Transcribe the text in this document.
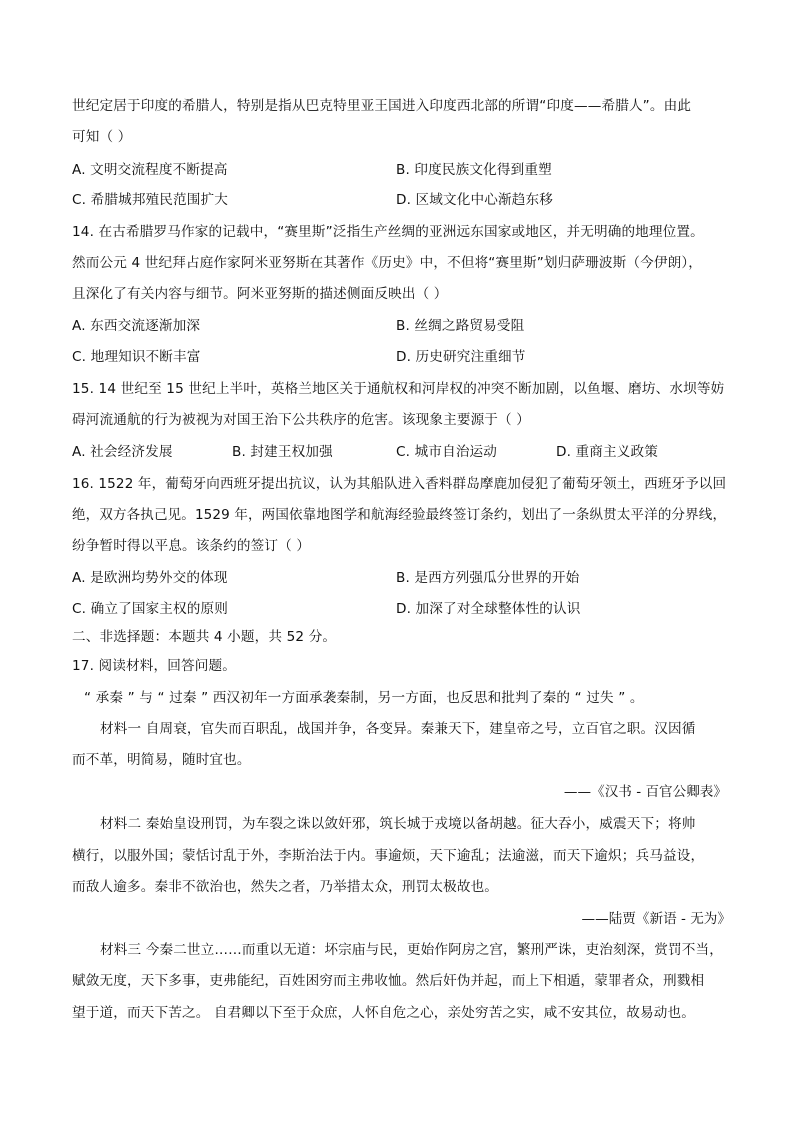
世纪定居于印度的希腊人，特别是指从巴克特里亚王国进入印度西北部的所谓“印度——希腊人”。由此
可知（ ）
A. 文明交流程度不断提高	B. 印度民族文化得到重塑
C. 希腊城邦殖民范围扩大	D. 区域文化中心渐趋东移
14. 在古希腊罗马作家的记载中，“赛里斯”泛指生产丝绸的亚洲远东国家或地区，并无明确的地理位置。
然而公元 4 世纪拜占庭作家阿米亚努斯在其著作《历史》中，不但将“赛里斯”划归萨珊波斯（今伊朗），
且深化了有关内容与细节。阿米亚努斯的描述侧面反映出（ ）
A. 东西交流逐渐加深	B. 丝绸之路贸易受阻
C. 地理知识不断丰富	D. 历史研究注重细节
15. 14 世纪至 15 世纪上半叶，英格兰地区关于通航权和河岸权的冲突不断加剧，以鱼堰、磨坊、水坝等妨
碍河流通航的行为被视为对国王治下公共秩序的危害。该现象主要源于（ ）
A. 社会经济发展	B. 封建王权加强	C. 城市自治运动	D. 重商主义政策
16. 1522 年，葡萄牙向西班牙提出抗议，认为其船队进入香料群岛摩鹿加侵犯了葡萄牙领土，西班牙予以回
绝，双方各执己见。1529 年，两国依靠地图学和航海经验最终签订条约，划出了一条纵贯太平洋的分界线，
纷争暂时得以平息。该条约的签订（ ）
A. 是欧洲均势外交的体现	B. 是西方列强瓜分世界的开始
C. 确立了国家主权的原则	D. 加深了对全球整体性的认识
二、非选择题：本题共 4 小题，共 52 分。
17. 阅读材料，回答问题。
“ 承秦 ” 与 “ 过秦 ” 西汉初年一方面承袭秦制，另一方面，也反思和批判了秦的 “ 过失 ” 。
材料一 自周衰，官失而百职乱，战国并争，各变异。秦兼天下，建皇帝之号，立百官之职。汉因循
而不革，明简易，随时宜也。
——《汉书 - 百官公卿表》
材料二 秦始皇设刑罚，为车裂之诛以敛奸邪，筑长城于戎境以备胡越。征大吞小，威震天下；将帅
横行，以服外国；蒙恬讨乱于外，李斯治法于内。事逾烦，天下逾乱；法逾滋，而天下逾炽；兵马益设，
而敌人逾多。秦非不欲治也，然失之者，乃举措太众，刑罚太极故也。
——陆贾《新语 - 无为》
材料三 今秦二世立……而重以无道：坏宗庙与民，更始作阿房之宫，繁刑严诛，吏治刻深，赏罚不当，
赋敛无度，天下多事，吏弗能纪，百姓困穷而主弗收恤。然后奸伪并起，而上下相遁，蒙罪者众，刑戮相
望于道，而天下苦之。 自君卿以下至于众庶，人怀自危之心，亲处穷苦之实，咸不安其位，故易动也。
